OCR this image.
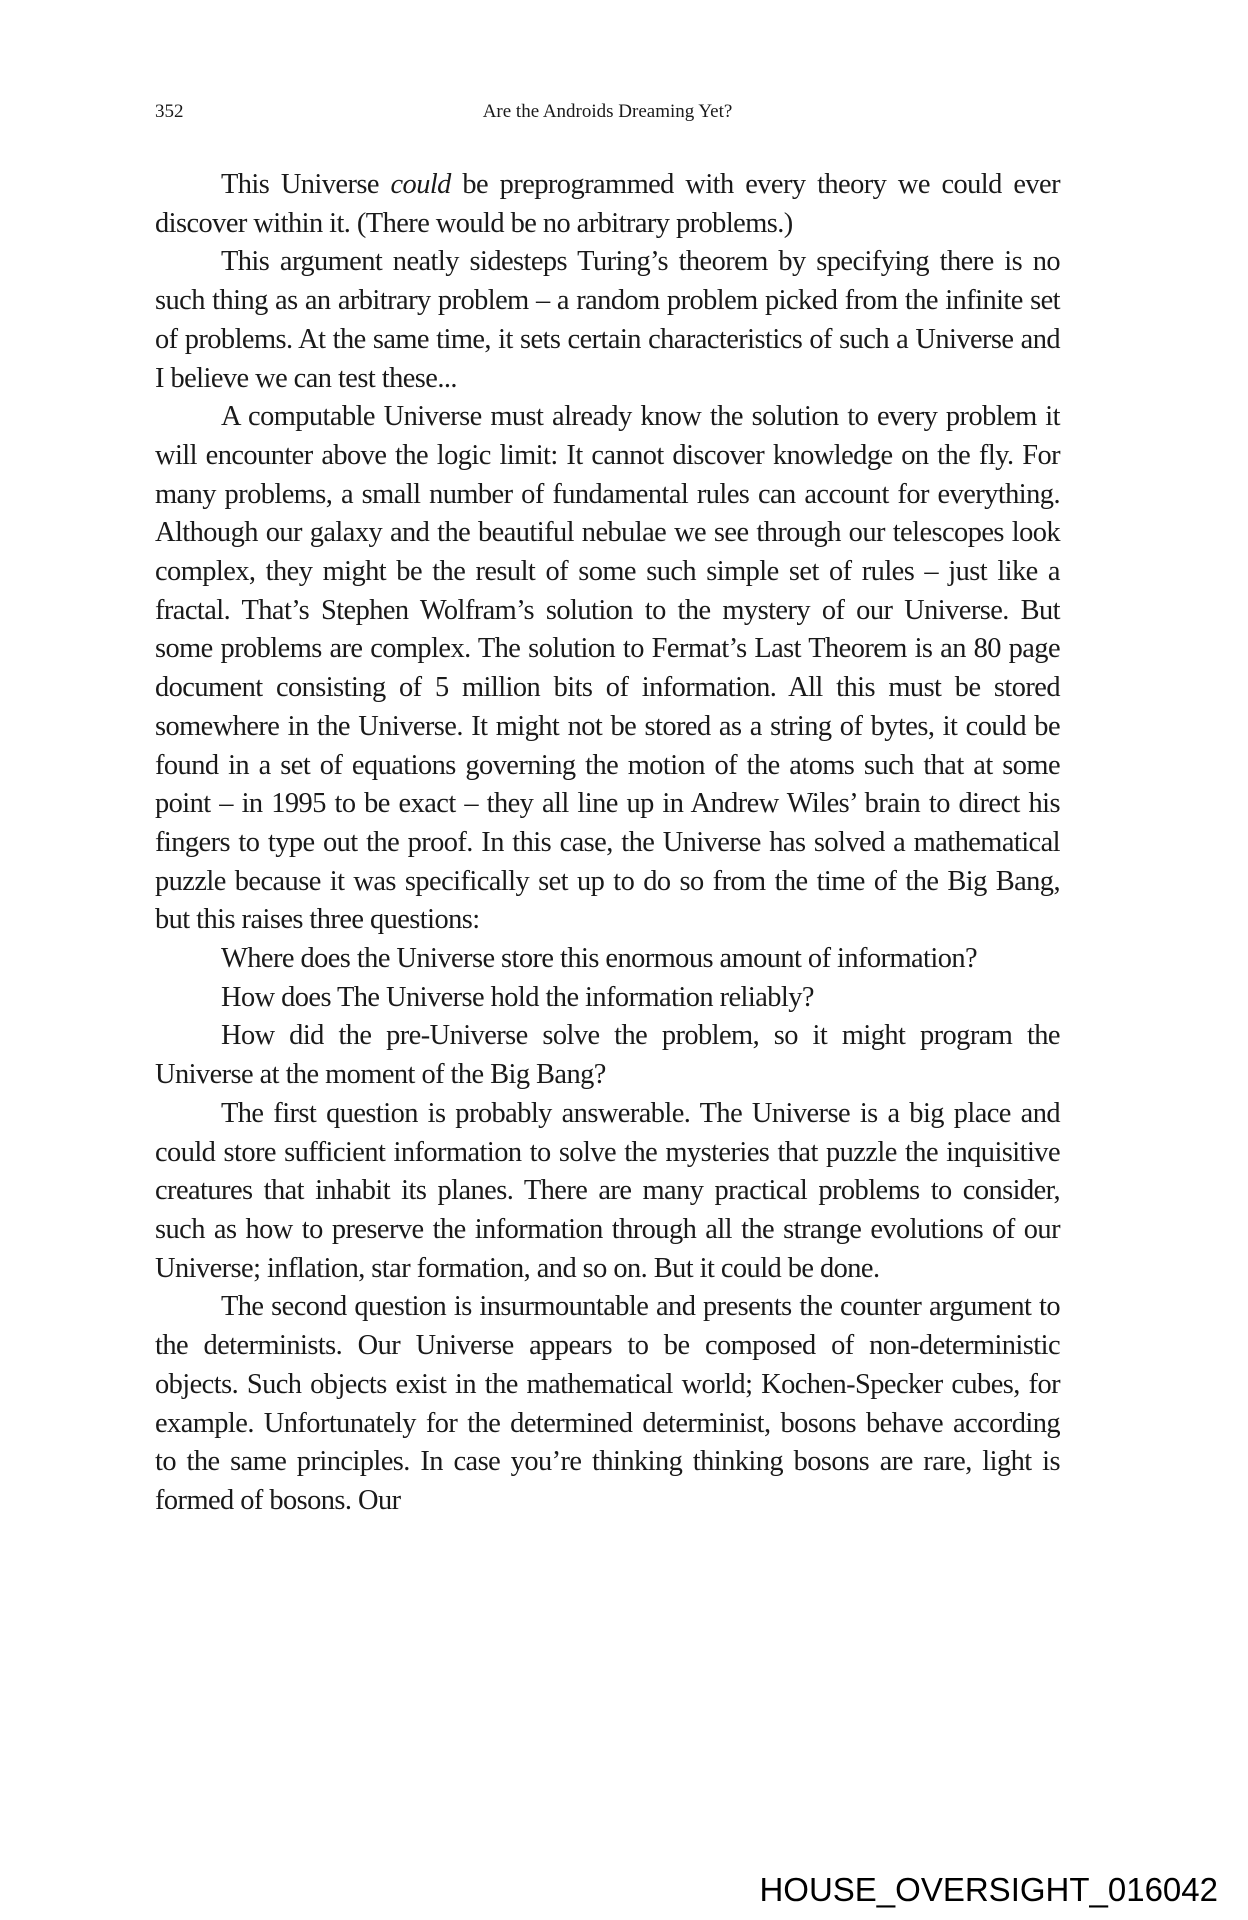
352	Are the Androids Dreaming Yet?

This Universe could be preprogrammed with every theory we could ever discover within it. (There would be no arbitrary problems.)

This argument neatly sidesteps Turing’s theorem by specifying there is no such thing as an arbitrary problem – a random problem picked from the infinite set of problems. At the same time, it sets certain characteristics of such a Universe and I believe we can test these...

A computable Universe must already know the solution to every problem it will encounter above the logic limit: It cannot discover knowledge on the fly. For many problems, a small number of fundamental rules can account for everything. Although our galaxy and the beautiful nebulae we see through our telescopes look complex, they might be the result of some such simple set of rules – just like a fractal. That’s Stephen Wolfram’s solution to the mystery of our Universe. But some problems are complex. The solution to Fermat’s Last Theorem is an 80 page document consisting of 5 million bits of information. All this must be stored somewhere in the Universe. It might not be stored as a string of bytes, it could be found in a set of equations governing the motion of the atoms such that at some point – in 1995 to be exact – they all line up in Andrew Wiles’ brain to direct his fingers to type out the proof. In this case, the Universe has solved a mathematical puzzle because it was specifically set up to do so from the time of the Big Bang, but this raises three questions:

Where does the Universe store this enormous amount of information?

How does The Universe hold the information reliably?

How did the pre-Universe solve the problem, so it might program the Universe at the moment of the Big Bang?

The first question is probably answerable. The Universe is a big place and could store sufficient information to solve the mysteries that puzzle the inquisitive creatures that inhabit its planes. There are many practical problems to consider, such as how to preserve the information through all the strange evolutions of our Universe; inflation, star formation, and so on. But it could be done.

The second question is insurmountable and presents the counter argument to the determinists. Our Universe appears to be composed of non-deterministic objects. Such objects exist in the mathematical world; Kochen-Specker cubes, for example. Unfortunately for the determined determinist, bosons behave according to the same principles. In case you’re thinking thinking bosons are rare, light is formed of bosons. Our

HOUSE_OVERSIGHT_016042
